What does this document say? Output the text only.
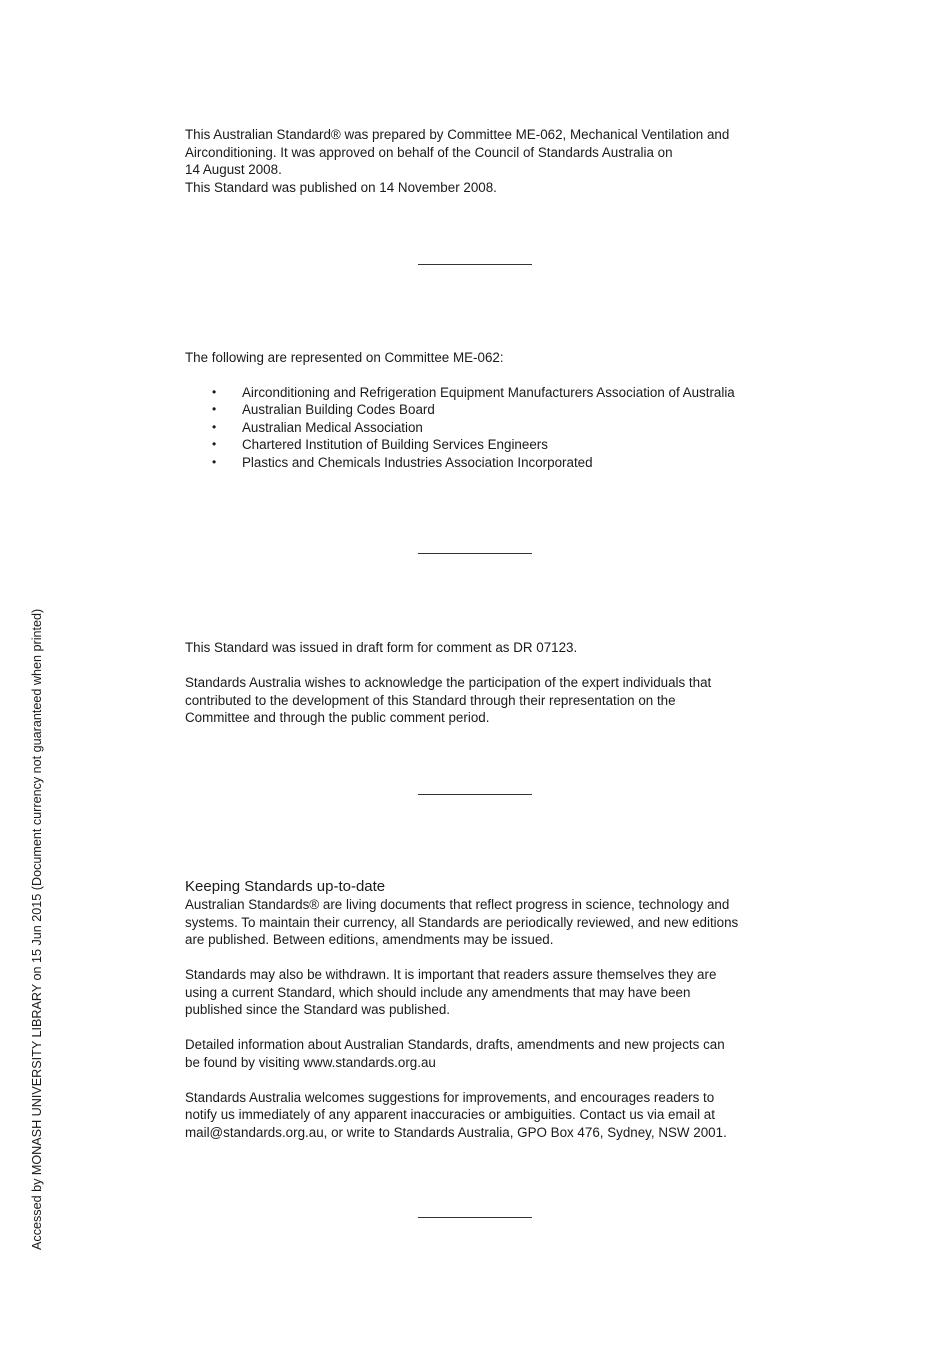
This Australian Standard® was prepared by Committee ME-062, Mechanical Ventilation and

Airconditioning. It was approved on behalf of the Council of Standards Australia on

14 August 2008.

This Standard was published on 14 November 2008.

The following are represented on Committee ME-062:

• Airconditioning and Refrigeration Equipment Manufacturers Association of Australia
• Australian Building Codes Board
• Australian Medical Association
• Chartered Institution of Building Services Engineers
• Plastics and Chemicals Industries Association Incorporated

This Standard was issued in draft form for comment as DR 07123.

Standards Australia wishes to acknowledge the participation of the expert individuals that

contributed to the development of this Standard through their representation on the

Committee and through the public comment period.

Keeping Standards up-to-date

Australian Standards® are living documents that reflect progress in science, technology and

systems. To maintain their currency, all Standards are periodically reviewed, and new editions

are published. Between editions, amendments may be issued.

Standards may also be withdrawn. It is important that readers assure themselves they are

using a current Standard, which should include any amendments that may have been

published since the Standard was published.

Detailed information about Australian Standards, drafts, amendments and new projects can

be found by visiting www.standards.org.au

Standards Australia welcomes suggestions for improvements, and encourages readers to

notify us immediately of any apparent inaccuracies or ambiguities. Contact us via email at

mail@standards.org.au, or write to Standards Australia, GPO Box 476, Sydney, NSW 2001.

Accessed by MONASH UNIVERSITY LIBRARY on 15 Jun 2015 (Document currency not guaranteed when printed)
